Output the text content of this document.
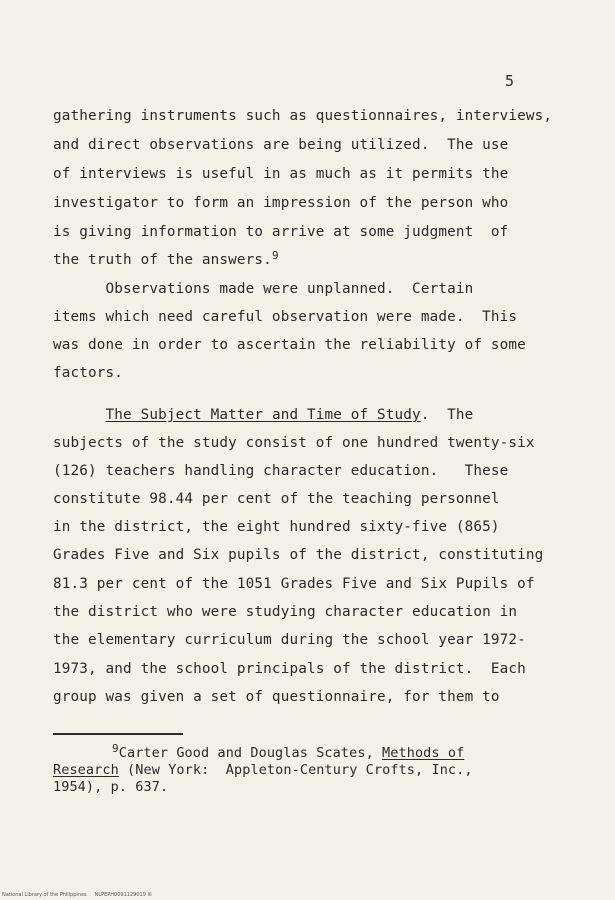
5
gathering instruments such as questionnaires, interviews,
and direct observations are being utilized.  The use
of interviews is useful in as much as it permits the
investigator to form an impression of the person who
is giving information to arrive at some judgment  of
the truth of the answers.$^9$
Observations made were unplanned.  Certain
items which need careful observation were made.  This
was done in order to ascertain the reliability of some
factors.
The Subject Matter and Time of Study.  The
subjects of the study consist of one hundred twenty-six
(126) teachers handling character education.   These
constitute 98.44 per cent of the teaching personnel
in the district, the eight hundred sixty-five (865)
Grades Five and Six pupils of the district, constituting
81.3 per cent of the 1051 Grades Five and Six Pupils of
the district who were studying character education in
the elementary curriculum during the school year 1972-
1973, and the school principals of the district.  Each
group was given a set of questionnaire, for them to
$^9$Carter Good and Douglas Scates, Methods of
Research (New York:  Appleton-Century Crofts, Inc.,
1954), p. 637.
National Library of the Philippines     NLPEPH0091129019 lil
